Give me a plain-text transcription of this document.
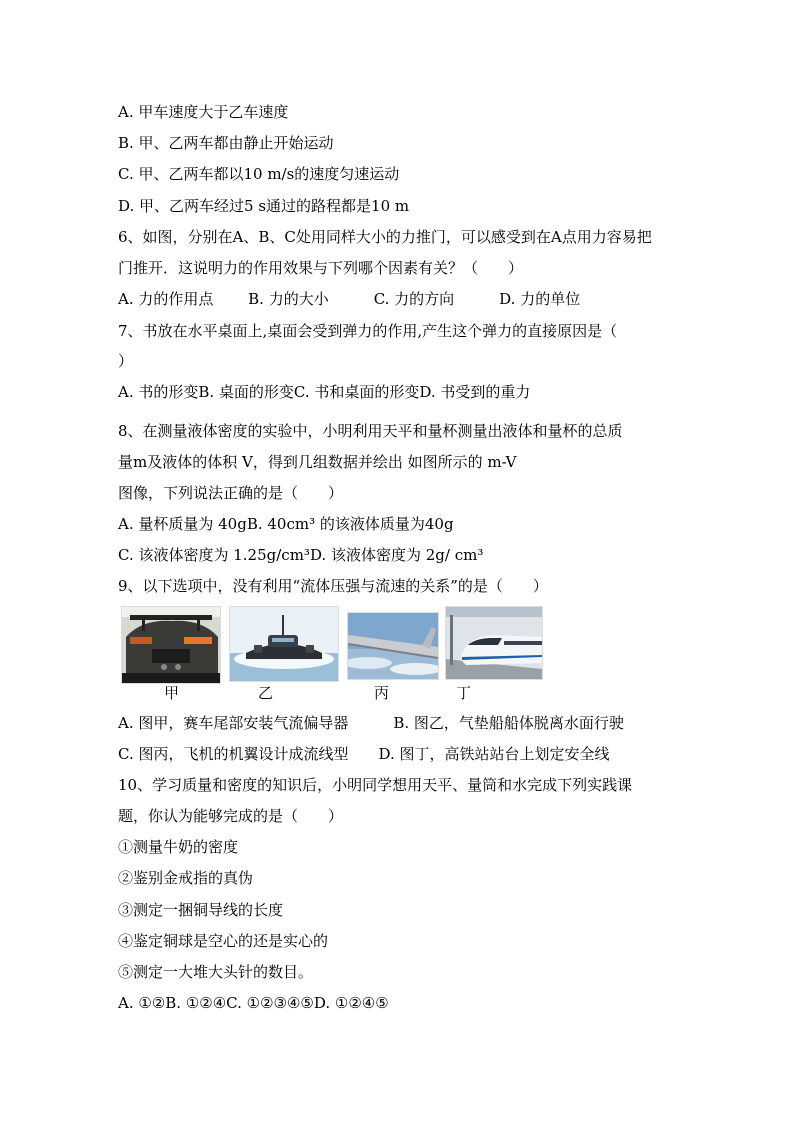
A. 甲车速度大于乙车速度
B. 甲、乙两车都由静止开始运动
C. 甲、乙两车都以10 m/s的速度匀速运动
D. 甲、乙两车经过5 s通过的路程都是10 m
6、如图，分别在A、B、C处用同样大小的力推门，可以感受到在A点用力容易把
门推开．这说明力的作用效果与下列哪个因素有关？（　　）
A. 力的作用点　　 B. 力的大小　　　C. 力的方向　　　D. 力的单位
7、书放在水平桌面上,桌面会受到弹力的作用,产生这个弹力的直接原因是（
）
A. 书的形变B. 桌面的形变C. 书和桌面的形变D. 书受到的重力
8、在测量液体密度的实验中，小明利用天平和量杯测量出液体和量杯的总质
量m及液体的体积 V，得到几组数据并绘出 如图所示的 m-V
图像，下列说法正确的是（　　）
A. 量杯质量为 40gB. 40cm³ 的该液体质量为40g
C. 该液体密度为 1.25g/cm³D. 该液体密度为 2g/ cm³
9、以下选项中，没有利用“流体压强与流速的关系”的是（　　）
甲	乙	丙	丁
A. 图甲，赛车尾部安装气流偏导器　　　B. 图乙，气垫船船体脱离水面行驶
C. 图丙，飞机的机翼设计成流线型　　D. 图丁，高铁站站台上划定安全线
10、学习质量和密度的知识后，小明同学想用天平、量筒和水完成下列实践课
题，你认为能够完成的是（　　）
①测量牛奶的密度
②鉴别金戒指的真伪
③测定一捆铜导线的长度
④鉴定铜球是空心的还是实心的
⑤测定一大堆大头针的数目。
A. ①②B. ①②④C. ①②③④⑤D. ①②④⑤
